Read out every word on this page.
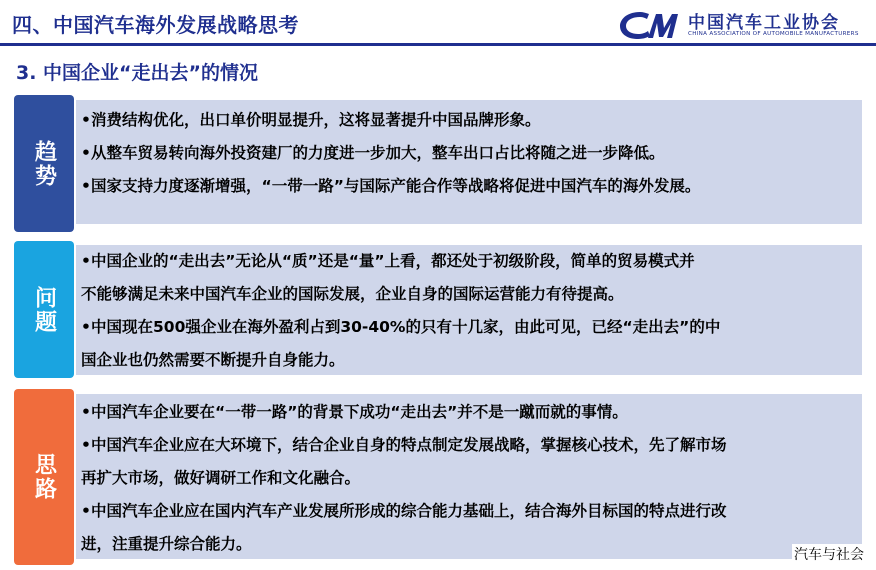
四、中国汽车海外发展战略思考	中国汽车工业协会
CHINA ASSOCIATION OF AUTOMOBILE MANUFACTURERS
3. 中国企业“走出去”的情况
趋势
•消费结构优化，出口单价明显提升，这将显著提升中国品牌形象。
•从整车贸易转向海外投资建厂的力度进一步加大，整车出口占比将随之进一步降低。
•国家支持力度逐渐增强，“一带一路”与国际产能合作等战略将促进中国汽车的海外发展。
问题
•中国企业的“走出去”无论从“质”还是“量”上看，都还处于初级阶段，简单的贸易模式并
不能够满足未来中国汽车企业的国际发展，企业自身的国际运营能力有待提高。
•中国现在500强企业在海外盈利占到30-40%的只有十几家，由此可见，已经“走出去”的中
国企业也仍然需要不断提升自身能力。
思路
•中国汽车企业要在“一带一路”的背景下成功“走出去”并不是一蹴而就的事情。
•中国汽车企业应在大环境下，结合企业自身的特点制定发展战略，掌握核心技术，先了解市场
再扩大市场，做好调研工作和文化融合。
•中国汽车企业应在国内汽车产业发展所形成的综合能力基础上，结合海外目标国的特点进行改
进，注重提升综合能力。
汽车与社会
